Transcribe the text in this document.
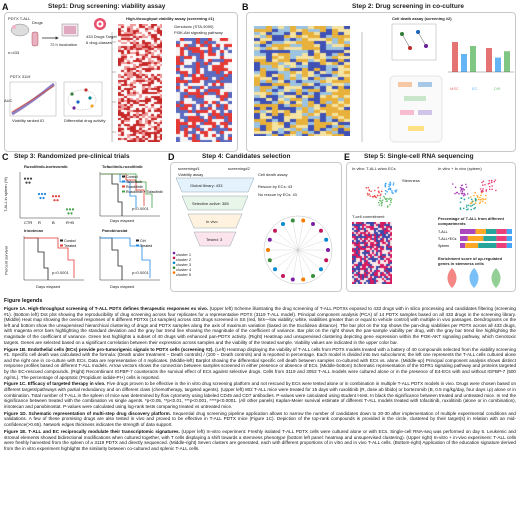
A	Step1: Drug screening: viability assay
PDTX T-ALL
n=433
72 h incubation
Drugs
433 Drugs Target
6 drug-classes
PDTX 3119
AUC
Viability ranked ID	Differential drug activity
High-throughput viability assay (screening #1)
Genotoxic (STA-9090)
PI3K-Akt signaling pathway
B	Step 2: Drug screening in co-culture
Cell death assay (screening #2)
MSC	EC	Diff
C Step 3: Randomized pre-clinical trials
Ruxolitinib-bortezomib	Tofacitinib-ruxolitinib
Irinotecan	Panobinostat
CTR R	B	R+B
Control
Tofacitinib
Ruxolitinib
Ruxolitinib + Tofacitinib
Control
Treated
Ctrl
Treated
T-ALL in spleen (%)
Percent survival
Days elapsed
Days elapsed	Days elapsed
p<0.0001
p=0.0001	p=0.0001
D	Step 4: Candidates selection
screening#1	screening#2
Viability assay	Cell death assay
Global library: 433
Selective active: 385
Rescue by ECs: 43
No rescue by ECs: 43
In vivo
Tested: 3
cluster 1
cluster 2
cluster 3
cluster 4
cluster 5
E Step 5: Single-cell RNA sequencing
In vitro: T-ALL w/wo ECs	In vitro + In vivo (spleen)
Stemness
T-cell commitment	Percentage of T-ALL from different compartments
Enrichment score of up-regulated genes in stemness cells
T-ALL
T-ALL+ECs
Spleen

Figure legends

Figure 1A. High-throughput screening of T-ALL PDTX defines therapeutic responses ex vivo. (Upper left) Scheme illustrating the drug screening of T-ALL PDTXs exposed to 433 drugs with in silico processing and candidates filtering (screening #1). (Bottom left) Dot plot showing the reproducibility of drug screening across four replicates for a representative PDTX (3119 T-ALL model). Principal component analysis (PCA) of 14 PDTX samples based on all 433 drugs in the screening library. (Middle) Heat map showing the overall responses of 6 different PDTXs (14 samples) across 433 drugs screened in SS (red, hits—low viability; white, viabilities greater than or equal to vehicle control) with multiple in vivo passages. Dendrograms on the left and bottom show the unsupervised hierarchical clustering of drugs and PDTX samples along the axis of maximum variation (based on the Euclidean distance). The bar plot on the top shows the pan-drug viabilities per PDTX across all 433 drugs, with magenta error bars highlighting the standard deviation and the gray bar trend line showing the magnitude of the coefficient of variance. Bar plot on the right shows the pan-sample viability per drug, with the gray bar trend line highlighting the magnitude of the coefficient of variance. Green text highlights a subset of 40 drugs with enhanced pan-PDTX activity. (Right) Heatmap and unsupervised clustering depicting gene expression within the PI3K-AKT signaling pathway, which Genotoxic targets. Genes are selected based on a significant correlation between their expression across samples and the viability of the treated sample. Viability values are indicated in the upper color bar.

Figure 1B. Endothelial cells (ECs) provide pro-tumorigenic signals to PDTX cells (screening #2). (Left) Heatmap displaying the viability of T-ALL cells from PDTX models treated with a battery of 40 compounds selected from the viability screening #1. Specific cell death was calculated with the formula: (Death under treatment − Death controls) / (100 − Death controls) and is reported in percentage. Each model is divided into two subcolumns; the left one represents the T-ALL cells cultured alone and the right one in co-culture with ECs. Data are representative of 4 replicates. (Middle-left) Barplot showing the differential specific cell death between samples co-cultured with ECs vs. alone. (Middle-up) Principal component analysis shows distinct response profiles based on different T-ALL models. Arrow vectors shows the connection between samples screened in either presence or absence of ECs. (Middle-bottom) Schematic representation of the IGFR1 signaling pathway and proteins targeted by the EC-rescued compounds. (Right) Recombinant IGFBP-7 counteracts the survival effect of ECs against selective drugs. Cells from 3119 and 3053 T-ALL models were cultured alone or in the presence of E4-ECs with and without IGFBP-7 (500 ng/mL). The percentage of apoptotic (Propidium iodide-PI+) cells is reported.

Figure 1C. Efficacy of targeted therapy in vivo. Five drugs proven to be effective in the in vitro drug screening platform and not rescued by ECs were tested alone or in combination in multiple T-ALL PDTX models in vivo. Drugs were chosen based on different targets/pathways with partial redundancy and on different class (chemotherapy, targeted agents). (Upper left) 802 T-ALL mice were treated for 15 days with ruxolitinib (R, dose ab libido) or bortezomib (B, 0.5 mg/kg/day, four days i.p) alone or in combination. Total number of T-ALL in the spleen of mice was determined by flow cytometry using labeled CD45 and CD7 antibodies. P-values were calculated using student t-test. In black the significance between treated and untreated mice. In red the significance between treated with the combination vs single agents. *p<0.05, **p<0.01, ***p<0.001, ****p<0.0001. (All other panels) Kaplan-Meier survival estimate of different T-ALL models treated with tofacitinib, ruxolitinib (alone or in combination), irinotecan and panobinostat. P-values were calculated using log-rank tests comparing treated vs untreated mice.

Figure 1D. Schematic representation of multi-step drug discovery platform. Sequential drug screening pipeline application allows to narrow the number of candidates down to 20-30 after implementation of multiple experimental conditions and validations. A few of these promising drugs are also tested in vivo and proved to be effective in T-ALL PDTX mice (Figure 1C). Depiction of the top-rank compounds is provided in the circle, clustered by their target(s) in relation with an mid-confidence(>0.65). Network edges thickness indicates the strength of data support.

Figure 1E. T-ALL and EC reciprocally modulate their transcriptomic signatures. (Upper left) In-vitro experiment: Freshly isolated T-ALL PDTX cells were cultured alone or with ECs. Single-cell RNA-seq was performed on day 5. Leukemic and stromal elements showed bidirectional modifications when cultured together, with T cells displaying a shift towards a stemness phenotype (bottom left panel: heatmap and unsupervised clustering). (Upper right) In-vitro + in-vivo experiment: T-ALL cells were freshly harvested from the spleen of a 3119 PDTX and directly sequenced. (Middle-right) Seven clusters are generated, each with different proportions of in vitro and in vivo T-ALL cells. (Bottom-right) Application of the education signature derived from the in vitro experiment highlights the similarity between co-cultured and splenic T-ALL cells.
